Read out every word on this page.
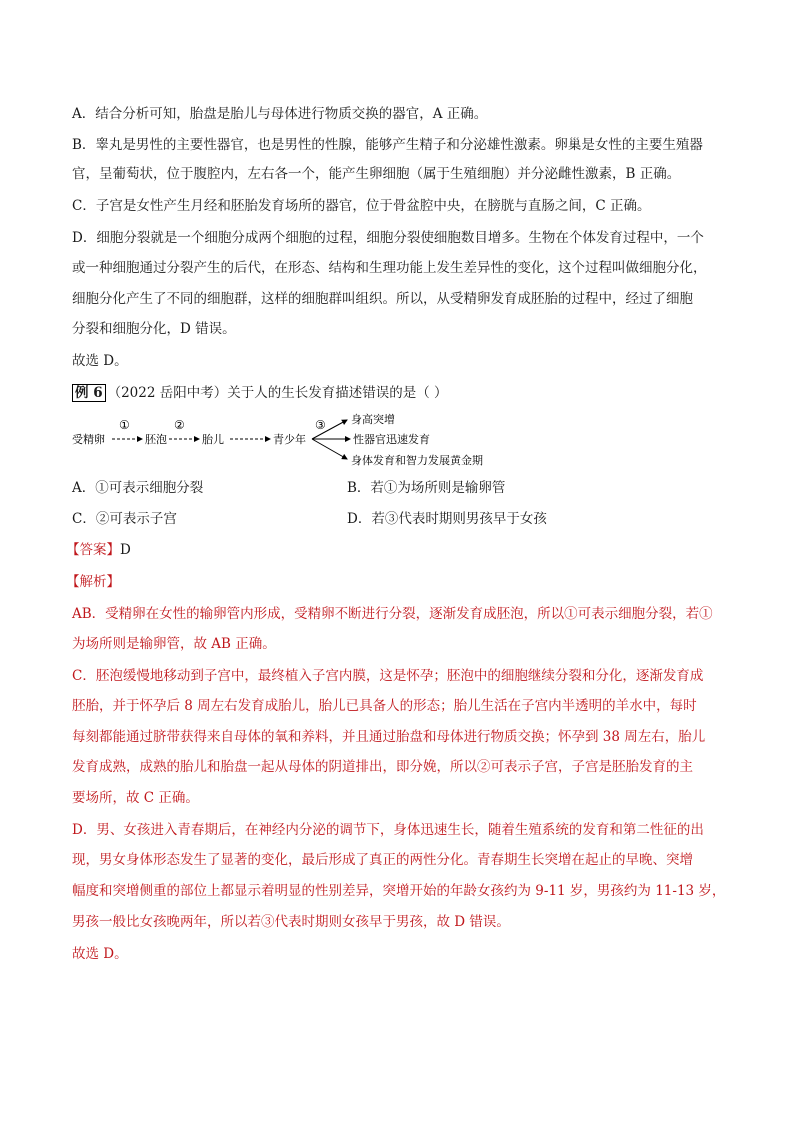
A．结合分析可知，胎盘是胎儿与母体进行物质交换的器官，A 正确。
B．睾丸是男性的主要性器官，也是男性的性腺，能够产生精子和分泌雄性激素。卵巢是女性的主要生殖器
官，呈葡萄状，位于腹腔内，左右各一个，能产生卵细胞（属于生殖细胞）并分泌雌性激素，B 正确。
C．子宫是女性产生月经和胚胎发育场所的器官，位于骨盆腔中央，在膀胱与直肠之间，C 正确。
D．细胞分裂就是一个细胞分成两个细胞的过程，细胞分裂使细胞数目增多。生物在个体发育过程中，一个
或一种细胞通过分裂产生的后代，在形态、结构和生理功能上发生差异性的变化，这个过程叫做细胞分化，
细胞分化产生了不同的细胞群，这样的细胞群叫组织。所以，从受精卵发育成胚胎的过程中，经过了细胞
分裂和细胞分化，D 错误。
故选 D。
例 6 （2022 岳阳中考）关于人的生长发育描述错误的是（ ）
受精卵
①
胚泡
②
胎儿	青少年
③ 身高突增
性器官迅速发育
身体发育和智力发展黄金期
A．①可表示细胞分裂	B．若①为场所则是输卵管
C．②可表示子宫	D．若③代表时期则男孩早于女孩
【答案】D
【解析】
AB．受精卵在女性的输卵管内形成，受精卵不断进行分裂，逐渐发育成胚泡，所以①可表示细胞分裂，若①
为场所则是输卵管，故 AB 正确。
C．胚泡缓慢地移动到子宫中，最终植入子宫内膜，这是怀孕；胚泡中的细胞继续分裂和分化，逐渐发育成
胚胎，并于怀孕后 8 周左右发育成胎儿，胎儿已具备人的形态；胎儿生活在子宫内半透明的羊水中，每时
每刻都能通过脐带获得来自母体的氧和养料，并且通过胎盘和母体进行物质交换；怀孕到 38 周左右，胎儿
发育成熟，成熟的胎儿和胎盘一起从母体的阴道排出，即分娩，所以②可表示子宫，子宫是胚胎发育的主
要场所，故 C 正确。
D．男、女孩进入青春期后，在神经内分泌的调节下，身体迅速生长，随着生殖系统的发育和第二性征的出
现，男女身体形态发生了显著的变化，最后形成了真正的两性分化。青春期生长突增在起止的早晚、突增
幅度和突增侧重的部位上都显示着明显的性别差异，突增开始的年龄女孩约为 9-11 岁，男孩约为 11-13 岁，
男孩一般比女孩晚两年，所以若③代表时期则女孩早于男孩，故 D 错误。
故选 D。
